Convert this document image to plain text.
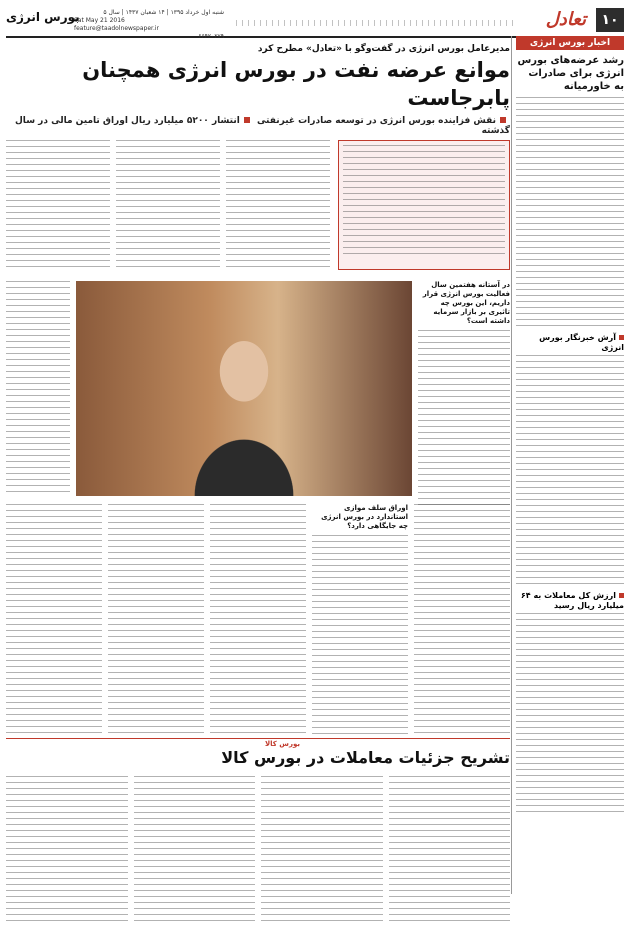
۱۰
تعادل
شنبه اول خرداد ۱۳۹۵ | ۱۴ شعبان ۱۴۳۷ | سال ۵
Sat May 21 2016
feature@taadolnewspaper.ir
۶۶۴۲۰۲۷۹
بورس انرژی
اخبار بورس انرژی
رشد عرضه‌های بورس انرژی برای صادرات به خاورمیانه
آرش خبرنگار بورس انرژی
ارزش کل معاملات به ۶۴ میلیارد ریال رسید
مدیرعامل بورس انرژی در گفت‌وگو با «تعادل» مطرح کرد
موانع عرضه نفت در بورس انرژی همچنان پابرجاست
نقش فزاینده بورس انرژی در توسعه صادرات غیرنفتی انتشار ۵۲۰۰ میلیارد ریال اوراق تامین مالی در سال گذشته
در آستانه هفتمین سال فعالیت بورس انرژی قرار داریم، این بورس چه تاثیری بر بازار سرمایه داشته است؟
اوراق سلف موازی استاندارد در بورس انرژی چه جایگاهی دارد؟
بورس کالا
تشریح جزئیات معاملات در بورس کالا
